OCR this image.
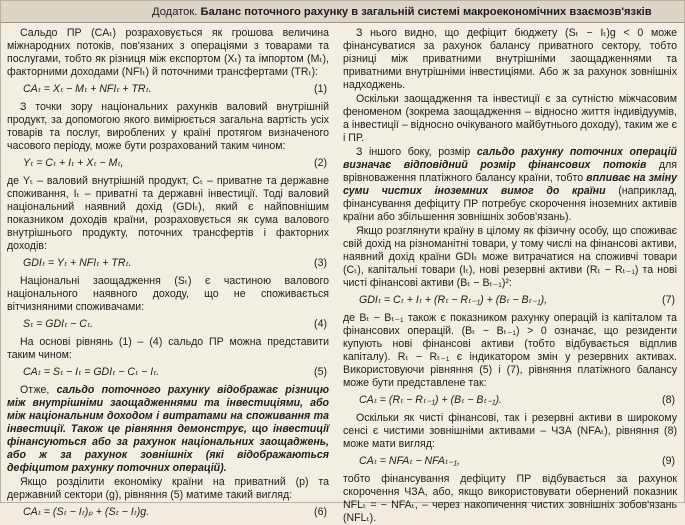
Додаток. Баланс поточного рахунку в загальній системі макроекономічних взаємозв'язків

Сальдо ПР (CAₜ) розраховується як грошова величина міжнародних потоків, пов'язаних з операціями з товарами та послугами, тобто як різниця між експортом (Xₜ) та імпортом (Mₜ), факторними доходами (NFIₜ) й поточними трансфертами (TRₜ):

CAₜ = Xₜ − Mₜ + NFIₜ + TRₜ.	(1)

З точки зору національних рахунків валовий внутрішній продукт, за допомогою якого вимірюється загальна вартість усіх товарів та послуг, вироблених у країні протягом визначеного часового періоду, може бути розрахований таким чином:

Yₜ = Cₜ + Iₜ + Xₜ − Mₜ,	(2)

де Yₜ – валовий внутрішній продукт, Cₜ – приватне та державне споживання, Iₜ – приватні та державні інвестиції. Тоді валовий національний наявний дохід (GDIₜ), який є найповнішим показником доходів країни, розраховується як сума валового внутрішнього продукту, поточних трансфертів і факторних доходів:

GDIₜ = Yₜ + NFIₜ + TRₜ.	(3)

Національні заощадження (Sₜ) є частиною валового національного наявного доходу, що не споживається вітчизняними споживачами:

Sₜ = GDIₜ − Cₜ.	(4)

На основі рівнянь (1) – (4) сальдо ПР можна представити таким чином:

CAₜ = Sₜ − Iₜ = GDIₜ − Cₜ − Iₜ.	(5)

Отже, сальдо поточного рахунку відображає різницю між внутрішніми заощадженнями та інвестиціями, або між національним доходом і витратами на споживання та інвестиції. Також це рівняння демонструє, що інвестиції фінансуються або за рахунок національних заощаджень, або ж за рахунок зовнішніх (які відображаються дефіцитом рахунку поточних операцій).

Якщо розділити економіку країни на приватний (p) та державний сектори (g), рівняння (5) матиме такий вигляд:

CAₜ = (Sₜ − Iₜ)ₚ + (Sₜ − Iₜ)g.	(6)

З нього видно, що дефіцит бюджету (Sₜ − Iₜ)g < 0 може фінансуватися за рахунок балансу приватного сектору, тобто різниці між приватними внутрішніми заощадженнями та приватними внутрішніми інвестиціями. Або ж за рахунок зовнішніх надходжень.

Оскільки заощадження та інвестиції є за сутністю міжчасовим феноменом (зокрема заощадження – відносно життя індивідуумів, а інвестиції – відносно очікуваного майбутнього доходу), таким же є і ПР.

З іншого боку, розмір сальдо рахунку поточних операцій визначає відповідний розмір фінансових потоків для врівноваження платіжного балансу країни, тобто впливає на зміну суми чистих іноземних вимог до країни (наприклад, фінансування дефіциту ПР потребує скорочення іноземних активів країни або збільшення зовнішніх зобов'язань).

Якщо розглянути країну в цілому як фізичну особу, що споживає свій дохід на різноманітні товари, у тому числі на фінансові активи, наявний дохід країни GDIₜ може витрачатися на споживчі товари (Cₜ), капітальні товари (Iₜ), нові резервні активи (Rₜ − Rₜ₋₁) та нові чисті фінансові активи (Bₜ − Bₜ₋₁)²:

GDIₜ = Cₜ + Iₜ + (Rₜ − Rₜ₋₁) + (Bₜ − Bₜ₋₁),	(7)

де Bₜ − Bₜ₋₁ також є показником рахунку операцій із капіталом та фінансових операцій. (Bₜ − Bₜ₋₁) > 0 означає, що резиденти купують нові фінансові активи (тобто відбувається відплив капіталу). Rₜ − Rₜ₋₁ є індикатором змін у резервних активах. Використовуючи рівняння (5) і (7), рівняння платіжного балансу може бути представлене так:

CAₜ = (Rₜ − Rₜ₋₁) + (Bₜ − Bₜ₋₁).	(8)

Оскільки як чисті фінансові, так і резервні активи в широкому сенсі є чистими зовнішніми активами – ЧЗА (NFAₜ), рівняння (8) може мати вигляд:

CAₜ = NFAₜ − NFAₜ₋₁,	(9)

тобто фінансування дефіциту ПР відбувається за рахунок скорочення ЧЗА, або, якщо використовувати обернений показник NFLₜ = − NFAₜ, – через накопичення чистих зовнішніх зобов'язань (NFLₜ).
